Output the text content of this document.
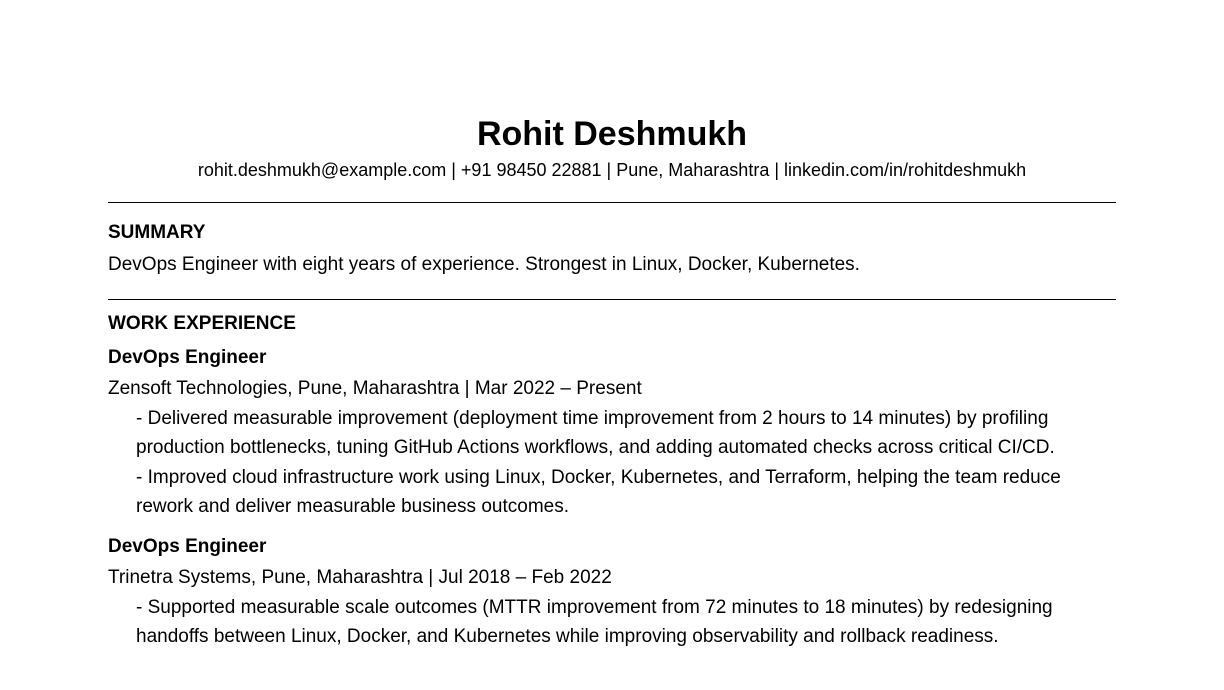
Rohit Deshmukh
rohit.deshmukh@example.com | +91 98450 22881 | Pune, Maharashtra | linkedin.com/in/rohitdeshmukh
SUMMARY
DevOps Engineer with eight years of experience. Strongest in Linux, Docker, Kubernetes.
WORK EXPERIENCE
DevOps Engineer
Zensoft Technologies, Pune, Maharashtra | Mar 2022 – Present
- Delivered measurable improvement (deployment time improvement from 2 hours to 14 minutes) by profiling production bottlenecks, tuning GitHub Actions workflows, and adding automated checks across critical CI/CD.
- Improved cloud infrastructure work using Linux, Docker, Kubernetes, and Terraform, helping the team reduce rework and deliver measurable business outcomes.
DevOps Engineer
Trinetra Systems, Pune, Maharashtra | Jul 2018 – Feb 2022
- Supported measurable scale outcomes (MTTR improvement from 72 minutes to 18 minutes) by redesigning handoffs between Linux, Docker, and Kubernetes while improving observability and rollback readiness.
